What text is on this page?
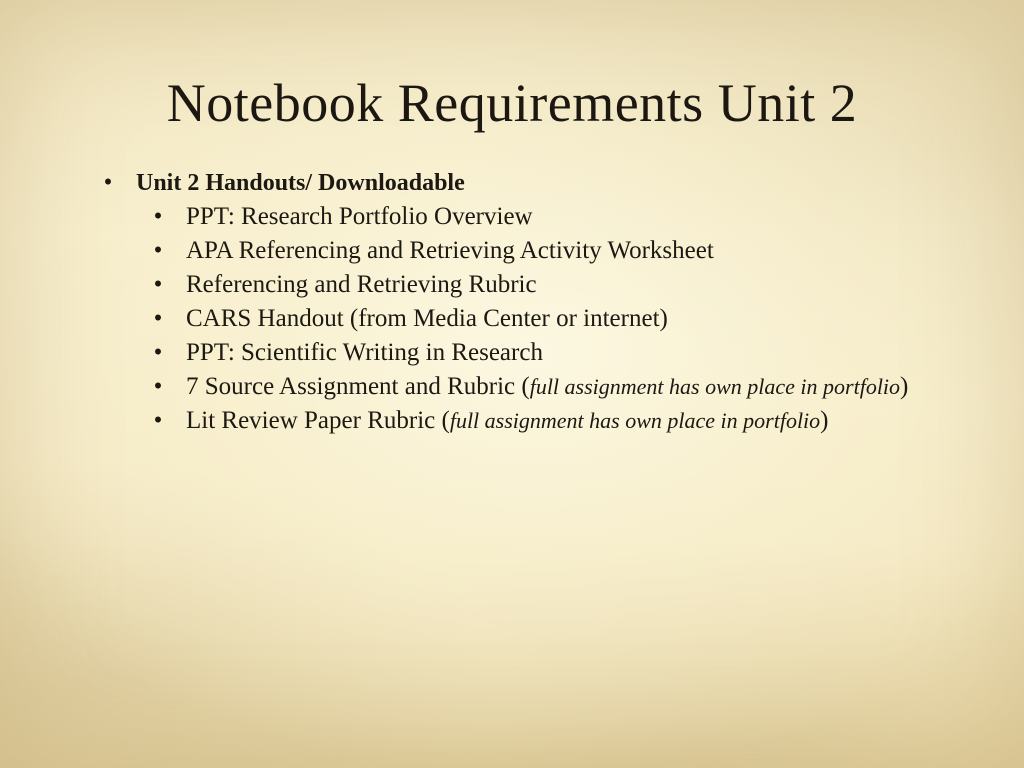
Notebook Requirements Unit 2
• Unit 2 Handouts/ Downloadable
• PPT: Research Portfolio Overview
• APA Referencing and Retrieving Activity Worksheet
• Referencing and Retrieving Rubric
• CARS Handout (from Media Center or internet)
• PPT: Scientific Writing in Research
• 7 Source Assignment and Rubric (full assignment has own place in portfolio)
• Lit Review Paper Rubric (full assignment has own place in portfolio)
